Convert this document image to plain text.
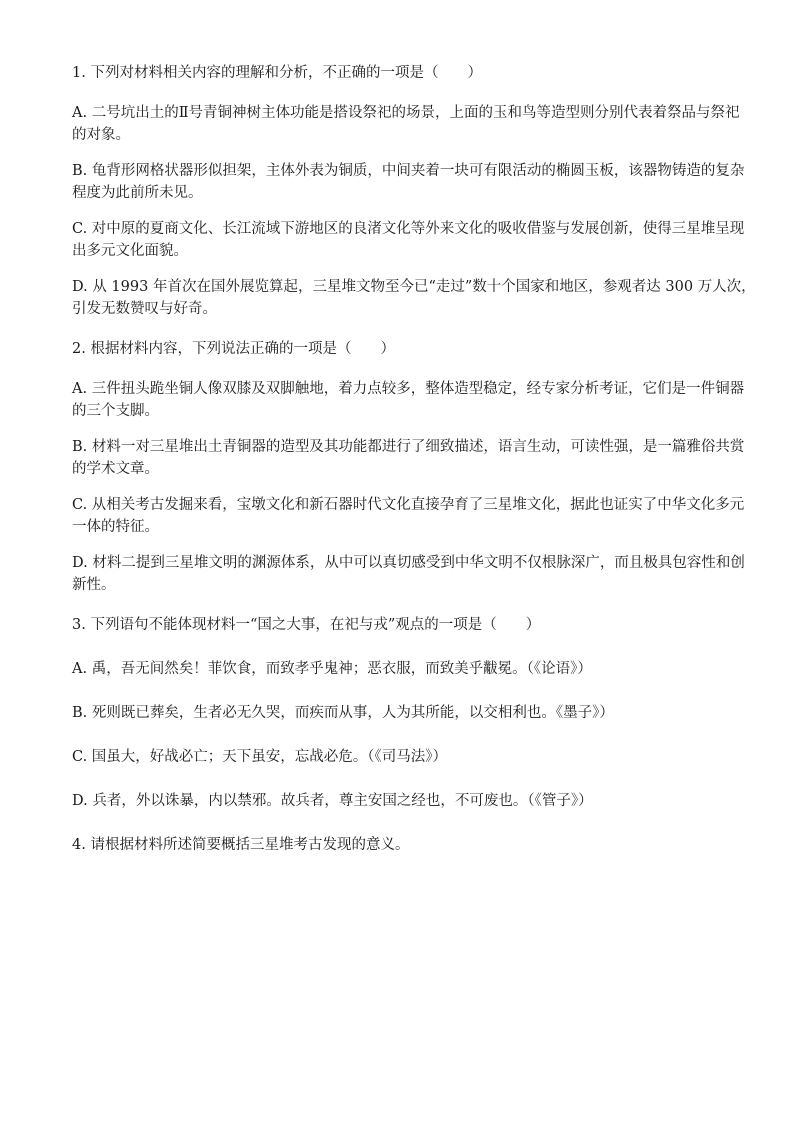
1. 下列对材料相关内容的理解和分析，不正确的一项是（　　）

A. 二号坑出土的Ⅱ号青铜神树主体功能是搭设祭祀的场景，上面的玉和鸟等造型则分别代表着祭品与祭祀

的对象。

B. 龟背形网格状器形似担架，主体外表为铜质，中间夹着一块可有限活动的椭圆玉板，该器物铸造的复杂

程度为此前所未见。

C. 对中原的夏商文化、长江流域下游地区的良渚文化等外来文化的吸收借鉴与发展创新，使得三星堆呈现

出多元文化面貌。

D. 从 1993 年首次在国外展览算起，三星堆文物至今已“走过”数十个国家和地区，参观者达 300 万人次，

引发无数赞叹与好奇。

2. 根据材料内容，下列说法正确的一项是（　　）

A. 三件扭头跪坐铜人像双膝及双脚触地，着力点较多，整体造型稳定，经专家分析考证，它们是一件铜器

的三个支脚。

B. 材料一对三星堆出土青铜器的造型及其功能都进行了细致描述，语言生动，可读性强，是一篇雅俗共赏

的学术文章。

C. 从相关考古发掘来看，宝墩文化和新石器时代文化直接孕育了三星堆文化，据此也证实了中华文化多元

一体的特征。

D. 材料二提到三星堆文明的渊源体系，从中可以真切感受到中华文明不仅根脉深广，而且极具包容性和创

新性。

3. 下列语句不能体现材料一“国之大事，在祀与戎”观点的一项是（　　）

A. 禹，吾无间然矣！菲饮食，而致孝乎鬼神；恶衣服，而致美乎黻冕。（《论语》）

B. 死则既已葬矣，生者必无久哭，而疾而从事，人为其所能，以交相利也。《墨子》）

C. 国虽大，好战必亡；天下虽安，忘战必危。（《司马法》）

D. 兵者，外以诛暴，内以禁邪。故兵者，尊主安国之经也，不可废也。（《管子》）

4. 请根据材料所述简要概括三星堆考古发现的意义。
